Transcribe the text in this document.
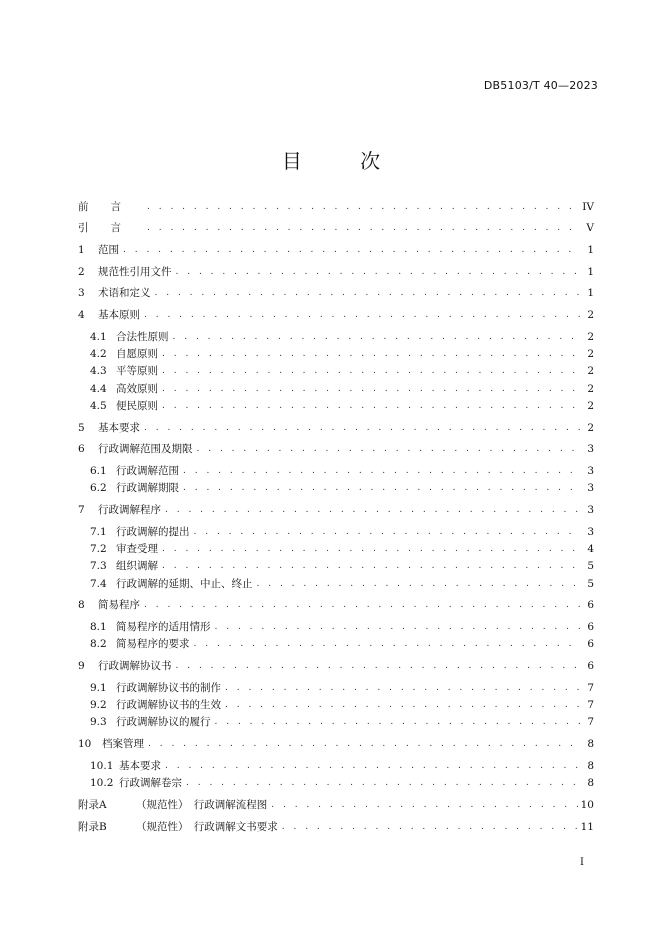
DB5103/T 40—2023
目 次
前言 . . .	IV
引言 . . .	V
1	范围 . . .	1
2	规范性引用文件 . . .	1
3	术语和定义 . . .	1
4	基本原则 . . .	2
4.1 合法性原则 . . .	2
4.2 自愿原则 . . .	2
4.3 平等原则 . . .	2
4.4 高效原则 . . .	2
4.5 便民原则 . . .	2
5	基本要求 . . .	2
6	行政调解范围及期限 . . .	3
6.1 行政调解范围 . . .	3
6.2 行政调解期限 . . .	3
7	行政调解程序 . . .	3
7.1 行政调解的提出 . . .	3
7.2 审查受理 . . .	4
7.3 组织调解 . . .	5
7.4 行政调解的延期、中止、终止 . . .	5
8	简易程序 . . .	6
8.1 简易程序的适用情形 . . .	6
8.2 简易程序的要求 . . .	6
9	行政调解协议书 . . .	6
9.1 行政调解协议书的制作 . . .	7
9.2 行政调解协议书的生效 . . .	7
9.3 行政调解协议的履行 . . .	7
10	档案管理 . . .	8
10.1 基本要求 . . .	8
10.2 行政调解卷宗 . . .	8
附录A	（规范性）　行政调解流程图 . . .	10
附录B	（规范性）　行政调解文书要求 . . .	11
I
